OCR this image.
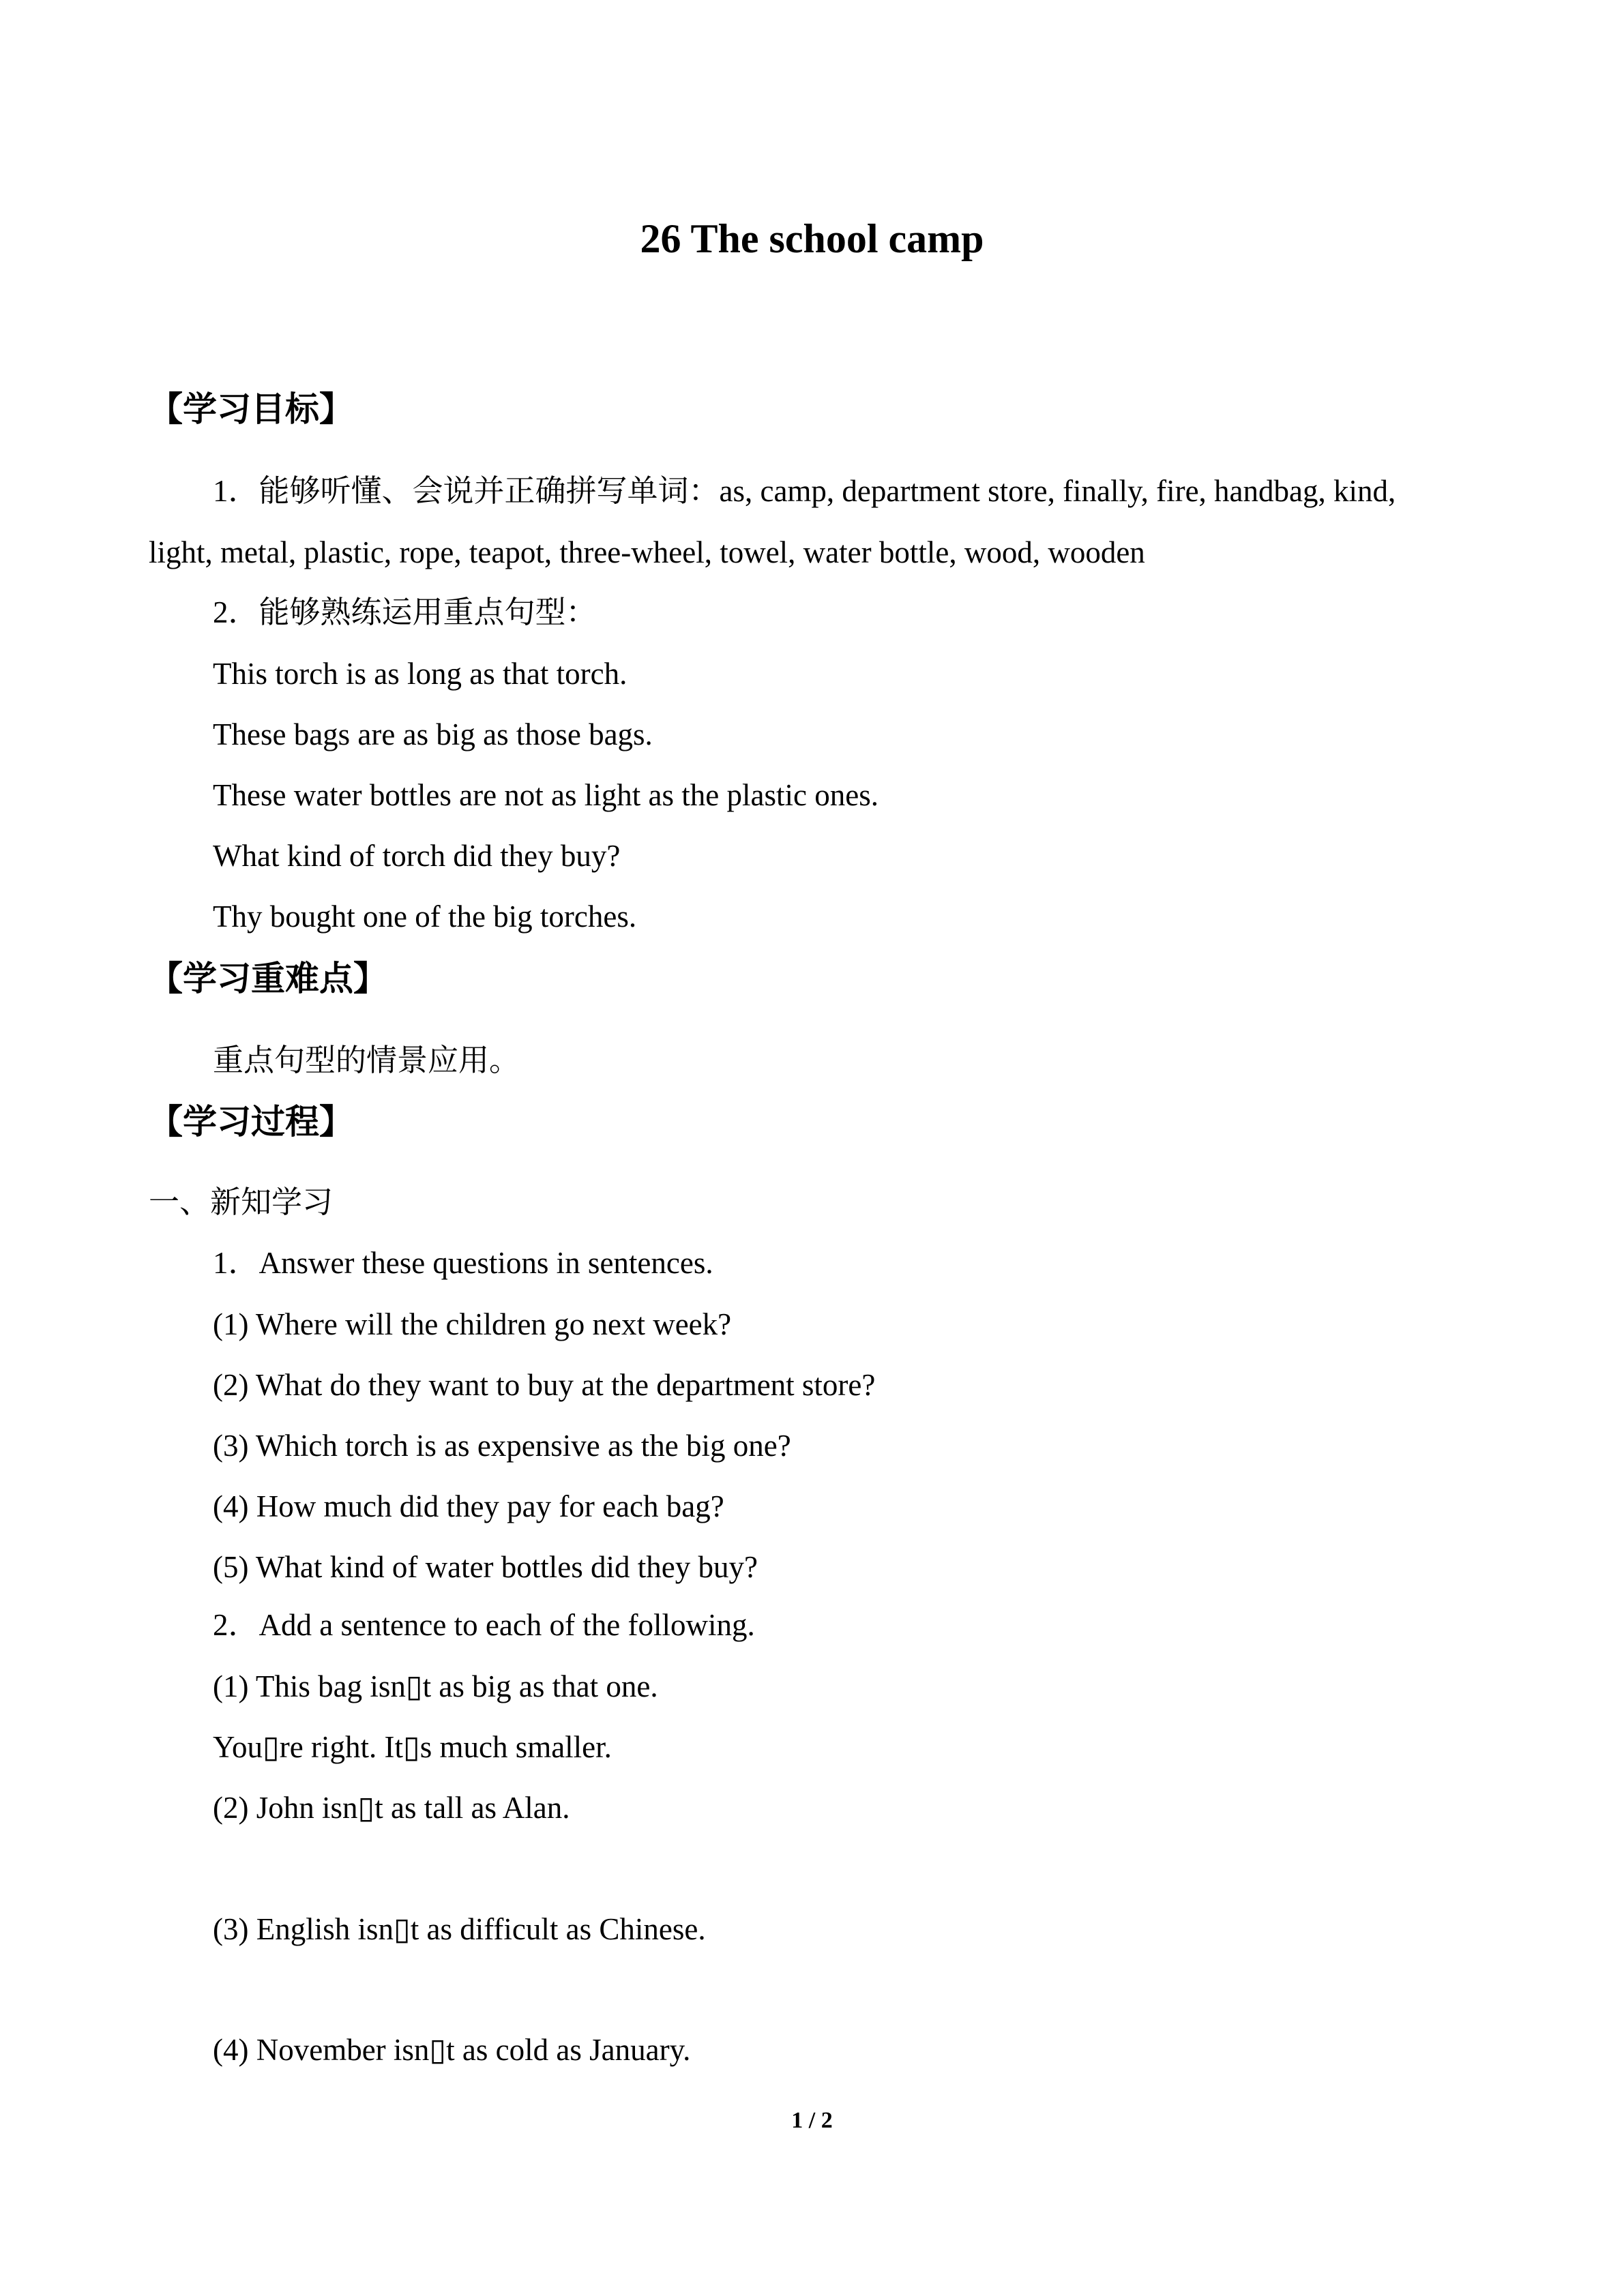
26 The school camp
【学习目标】
1．能够听懂、会说并正确拼写单词：as, camp, department store, finally, fire, handbag, kind,
light, metal, plastic, rope, teapot, three-wheel, towel, water bottle, wood, wooden
2．能够熟练运用重点句型：
This torch is as long as that torch.
These bags are as big as those bags.
These water bottles are not as light as the plastic ones.
What kind of torch did they buy?
Thy bought one of the big torches.
【学习重难点】
重点句型的情景应用。
【学习过程】
一、新知学习
1．Answer these questions in sentences.
(1) Where will the children go next week?
(2) What do they want to buy at the department store?
(3) Which torch is as expensive as the big one?
(4) How much did they pay for each bag?
(5) What kind of water bottles did they buy?
2．Add a sentence to each of the following.
(1) This bag isn▯t as big as that one.
You▯re right. It▯s much smaller.
(2) John isn▯t as tall as Alan.
(3) English isn▯t as difficult as Chinese.
(4) November isn▯t as cold as January.
1 / 2
